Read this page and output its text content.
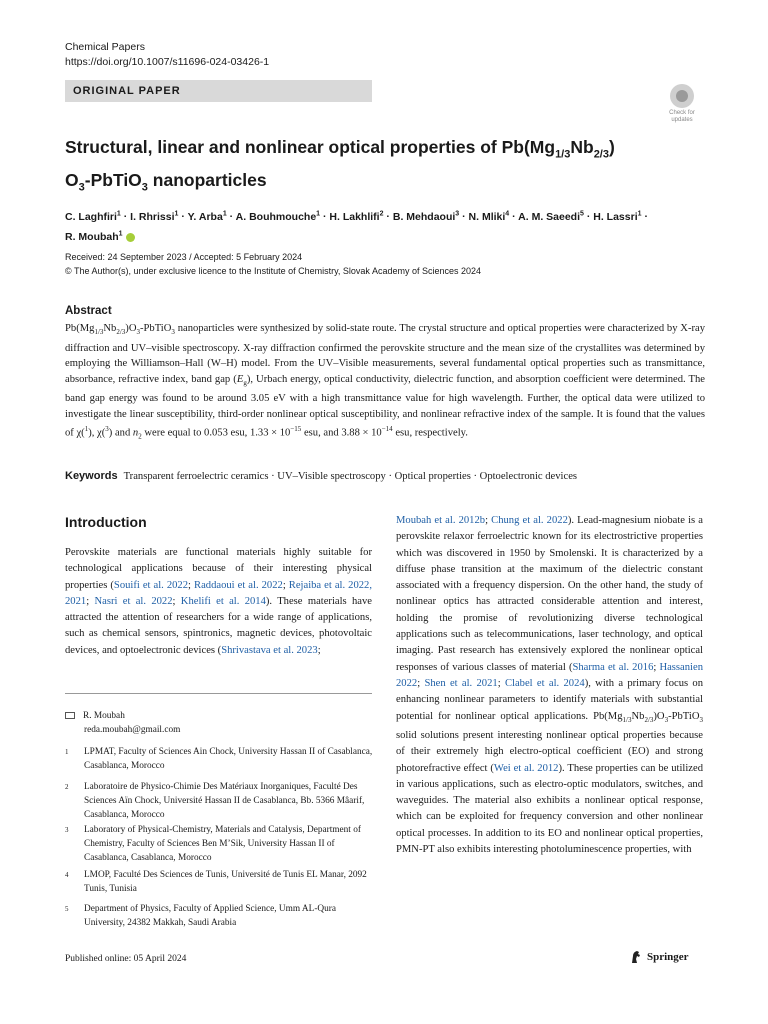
Chemical Papers
https://doi.org/10.1007/s11696-024-03426-1
ORIGINAL PAPER
Check for
updates
Structural, linear and nonlinear optical properties of $Pb(Mg_{1/3}Nb_{2/3})$
$O_3-PbTiO_3$ nanoparticles
C. Laghfiri$^1$ · I. Rhrissi$^1$ · Y. Arba$^1$ · A. Bouhmouche$^1$ · H. Lakhlifi$^2$ · B. Mehdaoui$^3$ · N. Mliki$^4$ · A. M. Saeedi$^5$ · H. Lassri$^1$ ·
R. Moubah$^1$
Received: 24 September 2023 / Accepted: 5 February 2024
© The Author(s), under exclusive licence to the Institute of Chemistry, Slovak Academy of Sciences 2024
Abstract
$Pb(Mg_{1/3}Nb_{2/3})O_3-PbTiO_3$ nanoparticles were synthesized by solid-state route. The crystal structure and optical properties were characterized by X-ray diffraction and UV–visible spectroscopy. X-ray diffraction confirmed the perovskite structure and the mean size of the crystallites was determined by employing the Williamson–Hall (W–H) model. From the UV–Visible measurements, several fundamental optical properties such as transmittance, absorbance, refractive index, band gap $(E_g)$, Urbach energy, optical conductivity, dielectric function, and absorption coefficient were determined. The band gap energy was found to be around 3.05 eV with a high transmittance value for high wavelength. Further, the optical data were utilized to investigate the linear susceptibility, third-order nonlinear optical susceptibility, and nonlinear refractive index of the sample. It is found that the values of χ($^1$), χ($^3$) and $n_2$ were equal to 0.053 esu, $1.33 \times 10^{-15}$ esu, and $3.88 \times 10^{-14}$ esu, respectively.
Keywords Transparent ferroelectric ceramics · UV–Visible spectroscopy · Optical properties · Optoelectronic devices
Introduction
Perovskite materials are functional materials highly suitable for technological applications because of their interesting physical properties (Souifi et al. 2022; Raddaoui et al. 2022; Rejaiba et al. 2022, 2021; Nasri et al. 2022; Khelifi et al. 2014). These materials have attracted the attention of researchers for a wide range of applications, such as chemical sensors, spintronics, magnetic devices, photovoltaic devices, and optoelectronic devices (Shrivastava et al. 2023;
Moubah et al. 2012b; Chung et al. 2022). Lead-magnesium niobate is a perovskite relaxor ferroelectric known for its electrostrictive properties which was discovered in 1950 by Smolenski. It is characterized by a diffuse phase transition at the maximum of the dielectric constant associated with a frequency dispersion. On the other hand, the study of nonlinear optics has attracted considerable attention and interest, holding the promise of revolutionizing diverse technological applications such as telecommunications, laser technology, and optical imaging. Past research has extensively explored the nonlinear optical responses of various classes of material (Sharma et al. 2016; Hassanien 2022; Shen et al. 2021; Clabel et al. 2024), with a primary focus on enhancing nonlinear parameters to identify materials with substantial potential for nonlinear optical applications. $Pb(Mg_{1/3}Nb_{2/3})O_3-PbTiO_3$ solid solutions present interesting nonlinear optical properties because of their extremely high electro-optical coefficient (EO) and strong photorefractive effect (Wei et al. 2012). These properties can be utilized in various applications, such as electro-optic modulators, switches, and waveguides. The material also exhibits a nonlinear optical response, which can be exploited for frequency conversion and other nonlinear optical processes. In addition to its EO and nonlinear optical properties, PMN-PT also exhibits interesting photoluminescence properties, with
R. Moubah
reda.moubah@gmail.com
1 LPMAT, Faculty of Sciences Ain Chock, University Hassan II of Casablanca, Casablanca, Morocco
2 Laboratoire de Physico-Chimie Des Matériaux Inorganiques, Faculté Des Sciences Aïn Chock, Université Hassan II de Casablanca, Bb. 5366 Mâarif, Casablanca, Morocco
3 Laboratory of Physical-Chemistry, Materials and Catalysis, Department of Chemistry, Faculty of Sciences Ben M’Sik, University Hassan II of Casablanca, Casablanca, Morocco
4 LMOP, Faculté Des Sciences de Tunis, Université de Tunis EL Manar, 2092 Tunis, Tunisia
5 Department of Physics, Faculty of Applied Science, Umm AL-Qura University, 24382 Makkah, Saudi Arabia
Published online: 05 April 2024	Springer
